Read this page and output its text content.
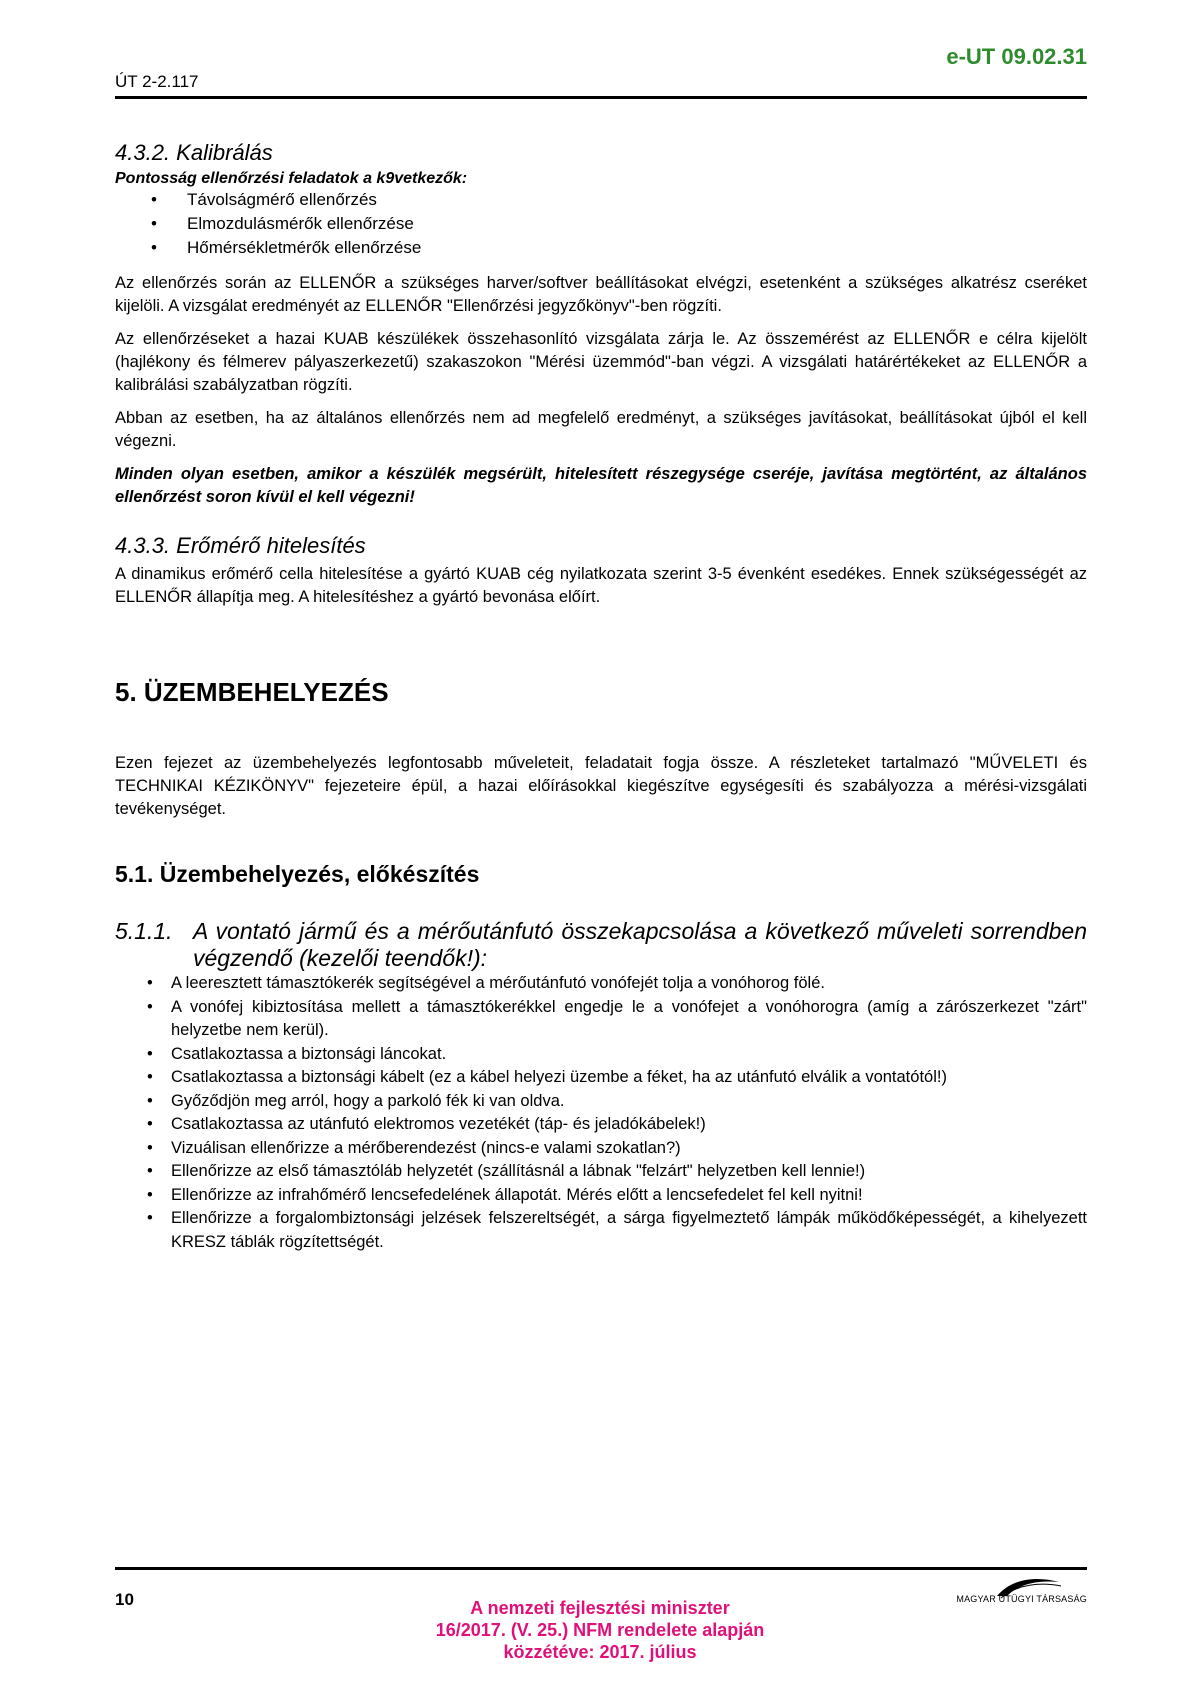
ÚT 2-2.117
e-UT 09.02.31
4.3.2. Kalibrálás
Pontosság ellenőrzési feladatok a k9vetkezők:
• Távolságmérő ellenőrzés
• Elmozdulásmérők ellenőrzése
• Hőmérsékletmérők ellenőrzése

Az ellenőrzés során az ELLENŐR a szükséges harver/softver beállításokat elvégzi, esetenként a szükséges alkatrész cseréket kijelöli. A vizsgálat eredményét az ELLENŐR "Ellenőrzési jegyzőkönyv"-ben rögzíti.

Az ellenőrzéseket a hazai KUAB készülékek összehasonlító vizsgálata zárja le. Az összemérést az ELLENŐR e célra kijelölt (hajlékony és félmerev pályaszerkezetű) szakaszokon "Mérési üzemmód"-ban végzi. A vizsgálati határértékeket az ELLENŐR a kalibrálási szabályzatban rögzíti.

Abban az esetben, ha az általános ellenőrzés nem ad megfelelő eredményt, a szükséges javításokat, beállításokat újból el kell végezni.

Minden olyan esetben, amikor a készülék megsérült, hitelesített részegysége cseréje, javítása megtörtént, az általános ellenőrzést soron kívül el kell végezni!

4.3.3. Erőmérő hitelesítés

A dinamikus erőmérő cella hitelesítése a gyártó KUAB cég nyilatkozata szerint 3-5 évenként esedékes. Ennek szükségességét az ELLENŐR állapítja meg. A hitelesítéshez a gyártó bevonása előírt.

5. ÜZEMBEHELYEZÉS

Ezen fejezet az üzembehelyezés legfontosabb műveleteit, feladatait fogja össze. A részleteket tartalmazó "MŰVELETI és TECHNIKAI KÉZIKÖNYV" fejezeteire épül, a hazai előírásokkal kiegészítve egységesíti és szabályozza a mérési-vizsgálati tevékenységet.

5.1. Üzembehelyezés, előkészítés
5.1.1. A vontató jármű és a mérőutánfutó összekapcsolása a következő műveleti sorrendben végzendő (kezelői teendők!):
• A leeresztett támasztókerék segítségével a mérőutánfutó vonófejét tolja a vonóhorog fölé.
• A vonófej kibiztosítása mellett a támasztókerékkel engedje le a vonófejet a vonóhorogra (amíg a zárószerkezet "zárt" helyzetbe nem kerül).
• Csatlakoztassa a biztonsági láncokat.
• Csatlakoztassa a biztonsági kábelt (ez a kábel helyezi üzembe a féket, ha az utánfutó elválik a vontatótól!)
• Győződjön meg arról, hogy a parkoló fék ki van oldva.
• Csatlakoztassa az utánfutó elektromos vezetékét (táp- és jeladókábelek!)
• Vizuálisan ellenőrizze a mérőberendezést (nincs-e valami szokatlan?)
• Ellenőrizze az első támasztóláb helyzetét (szállításnál a lábnak "felzárt" helyzetben kell lennie!)
• Ellenőrizze az infrahőmérő lencsefedelének állapotát. Mérés előtt a lencsefedelet fel kell nyitni!
• Ellenőrizze a forgalombiztonsági jelzések felszereltségét, a sárga figyelmeztető lámpák működőképességét, a kihelyezett KRESZ táblák rögzítettségét.
10	A nemzeti fejlesztési miniszter
16/2017. (V. 25.) NFM rendelete alapján
közzétéve: 2017. július
MAGYAR ÚTÜGYI TÁRSASÁG
